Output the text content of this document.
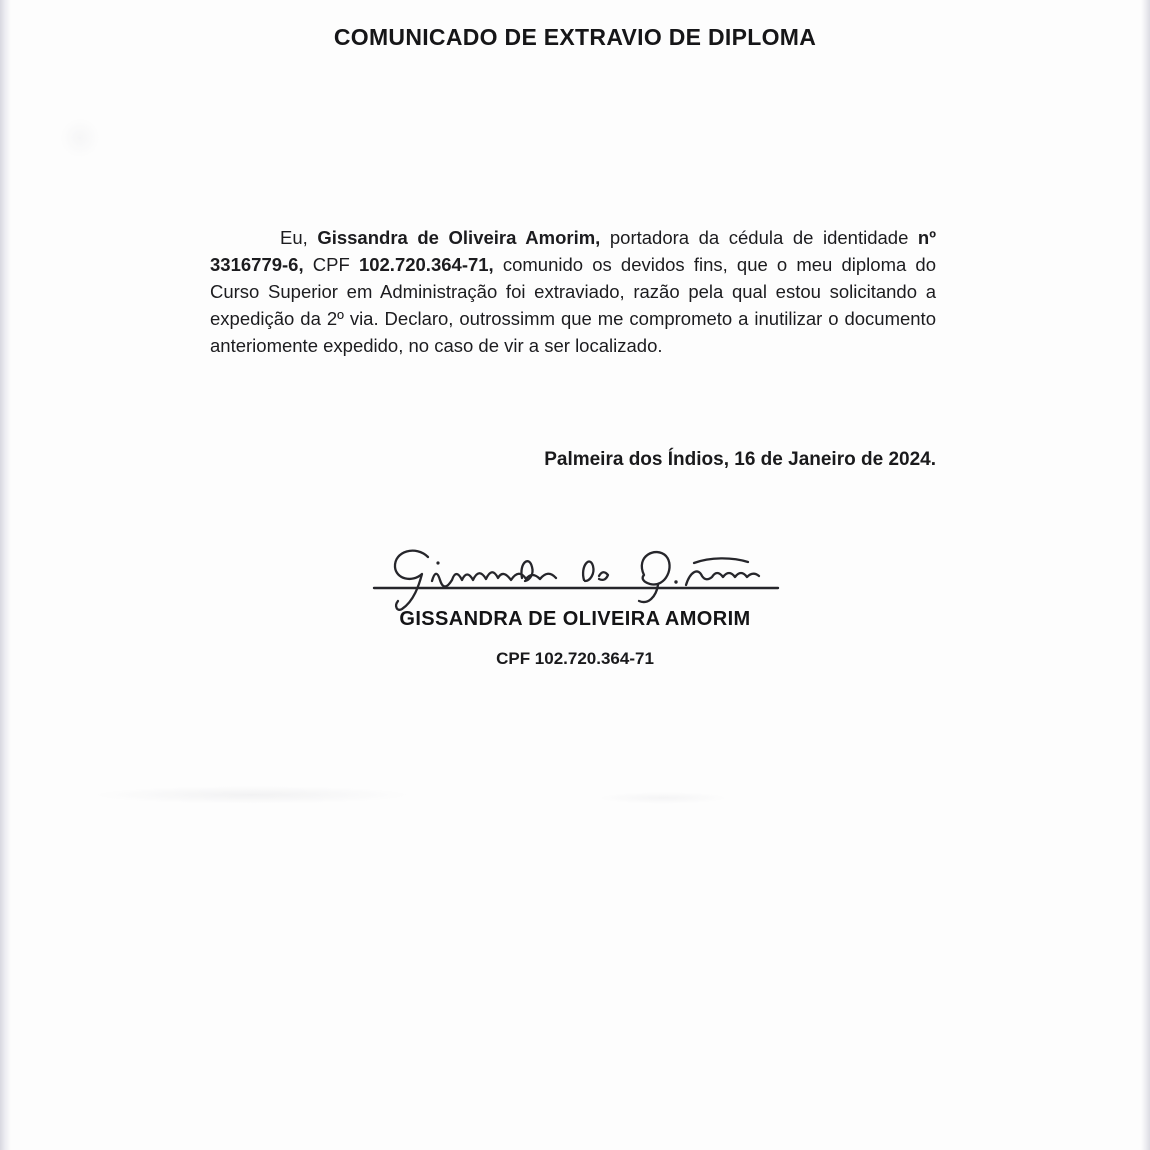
COMUNICADO DE EXTRAVIO DE DIPLOMA

Eu, Gissandra de Oliveira Amorim, portadora da cédula de identidade nº 3316779-6, CPF 102.720.364-71, comunido os devidos fins, que o meu diploma do Curso Superior em Administração foi extraviado, razão pela qual estou solicitando a expedição da 2º via. Declaro, outrossimm que me comprometo a inutilizar o documento anteriomente expedido, no caso de vir a ser localizado.

Palmeira dos Índios, 16 de Janeiro de 2024.
GISSANDRA DE OLIVEIRA AMORIM
CPF 102.720.364-71
